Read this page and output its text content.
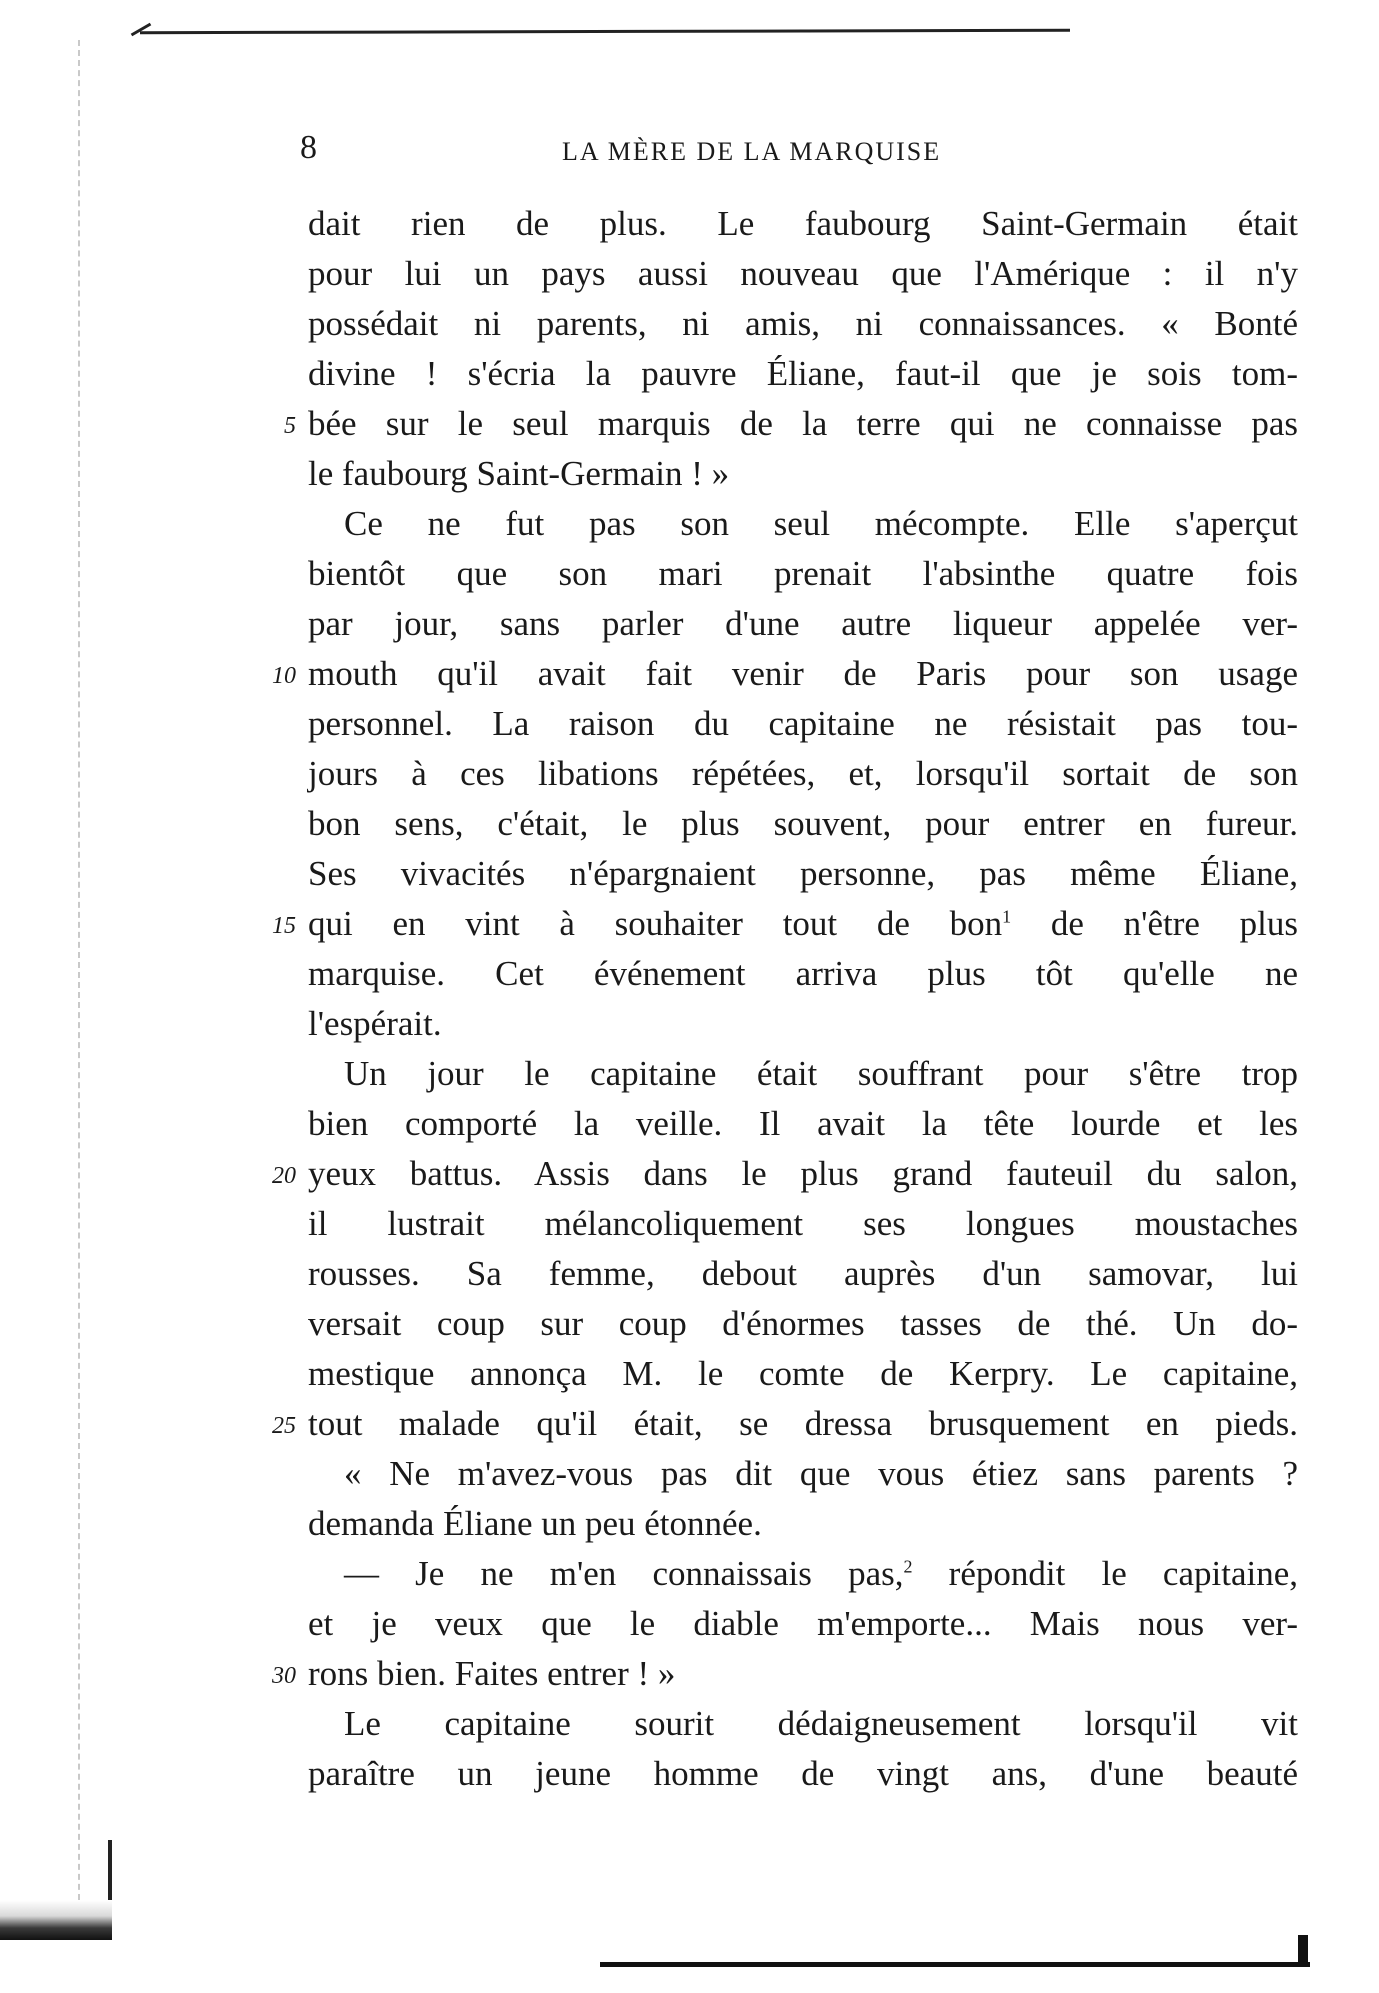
8	LA MÈRE DE LA MARQUISE
dait rien de plus. Le faubourg Saint-Germain était
pour lui un pays aussi nouveau que l'Amérique : il n'y
possédait ni parents, ni amis, ni connaissances. « Bonté
divine ! s'écria la pauvre Éliane, faut-il que je sois tom-
5 bée sur le seul marquis de la terre qui ne connaisse pas
le faubourg Saint-Germain ! »
Ce ne fut pas son seul mécompte. Elle s'aperçut
bientôt que son mari prenait l'absinthe quatre fois
par jour, sans parler d'une autre liqueur appelée ver-
10 mouth qu'il avait fait venir de Paris pour son usage
personnel. La raison du capitaine ne résistait pas tou-
jours à ces libations répétées, et, lorsqu'il sortait de son
bon sens, c'était, le plus souvent, pour entrer en fureur.
Ses vivacités n'épargnaient personne, pas même Éliane,
15 qui en vint à souhaiter tout de bon$^1$ de n'être plus
marquise. Cet événement arriva plus tôt qu'elle ne
l'espérait.
Un jour le capitaine était souffrant pour s'être trop
bien comporté la veille. Il avait la tête lourde et les
20 yeux battus. Assis dans le plus grand fauteuil du salon,
il lustrait mélancoliquement ses longues moustaches
rousses. Sa femme, debout auprès d'un samovar, lui
versait coup sur coup d'énormes tasses de thé. Un do-
mestique annonça M. le comte de Kerpry. Le capitaine,
25 tout malade qu'il était, se dressa brusquement en pieds.
« Ne m'avez-vous pas dit que vous étiez sans parents ?
demanda Éliane un peu étonnée.
— Je ne m'en connaissais pas,$^2$ répondit le capitaine,
et je veux que le diable m'emporte... Mais nous ver-
30 rons bien. Faites entrer ! »
Le capitaine sourit dédaigneusement lorsqu'il vit
paraître un jeune homme de vingt ans, d'une beauté
